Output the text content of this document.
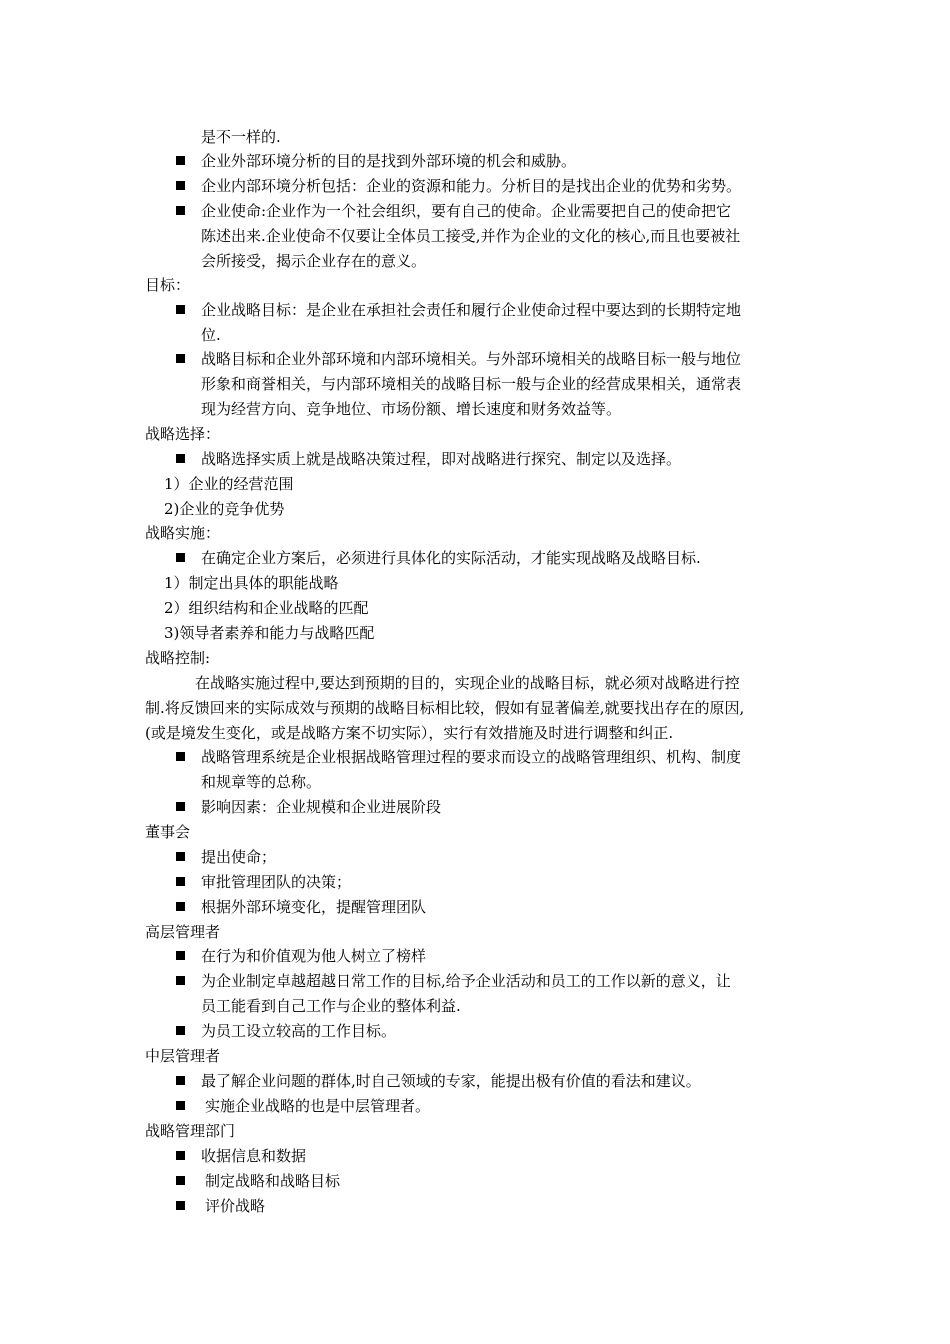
是不一样的.
企业外部环境分析的目的是找到外部环境的机会和威胁。
企业内部环境分析包括：企业的资源和能力。分析目的是找出企业的优势和劣势。
企业使命:企业作为一个社会组织，要有自己的使命。企业需要把自己的使命把它
陈述出来.企业使命不仅要让全体员工接受,并作为企业的文化的核心,而且也要被社
会所接受，揭示企业存在的意义。
目标：
企业战略目标：是企业在承担社会责任和履行企业使命过程中要达到的长期特定地
位.
战略目标和企业外部环境和内部环境相关。与外部环境相关的战略目标一般与地位
形象和商誉相关，与内部环境相关的战略目标一般与企业的经营成果相关，通常表
现为经营方向、竞争地位、市场份额、增长速度和财务效益等。
战略选择：
战略选择实质上就是战略决策过程，即对战略进行探究、制定以及选择。
1）企业的经营范围
2)企业的竞争优势
战略实施：
在确定企业方案后，必须进行具体化的实际活动，才能实现战略及战略目标.
1）制定出具体的职能战略
2）组织结构和企业战略的匹配
3)领导者素养和能力与战略匹配
战略控制:
在战略实施过程中,要达到预期的目的，实现企业的战略目标，就必须对战略进行控
制.将反馈回来的实际成效与预期的战略目标相比较，假如有显著偏差,就要找出存在的原因,
(或是境发生变化，或是战略方案不切实际），实行有效措施及时进行调整和纠正.
战略管理系统是企业根据战略管理过程的要求而设立的战略管理组织、机构、制度
和规章等的总称。
影响因素：企业规模和企业进展阶段
董事会
提出使命；
审批管理团队的决策；
根据外部环境变化，提醒管理团队
高层管理者
在行为和价值观为他人树立了榜样
为企业制定卓越超越日常工作的目标,给予企业活动和员工的工作以新的意义，让
员工能看到自己工作与企业的整体利益.
为员工设立较高的工作目标。
中层管理者
最了解企业问题的群体,时自己领域的专家，能提出极有价值的看法和建议。
实施企业战略的也是中层管理者。
战略管理部门
收据信息和数据
制定战略和战略目标
评价战略
